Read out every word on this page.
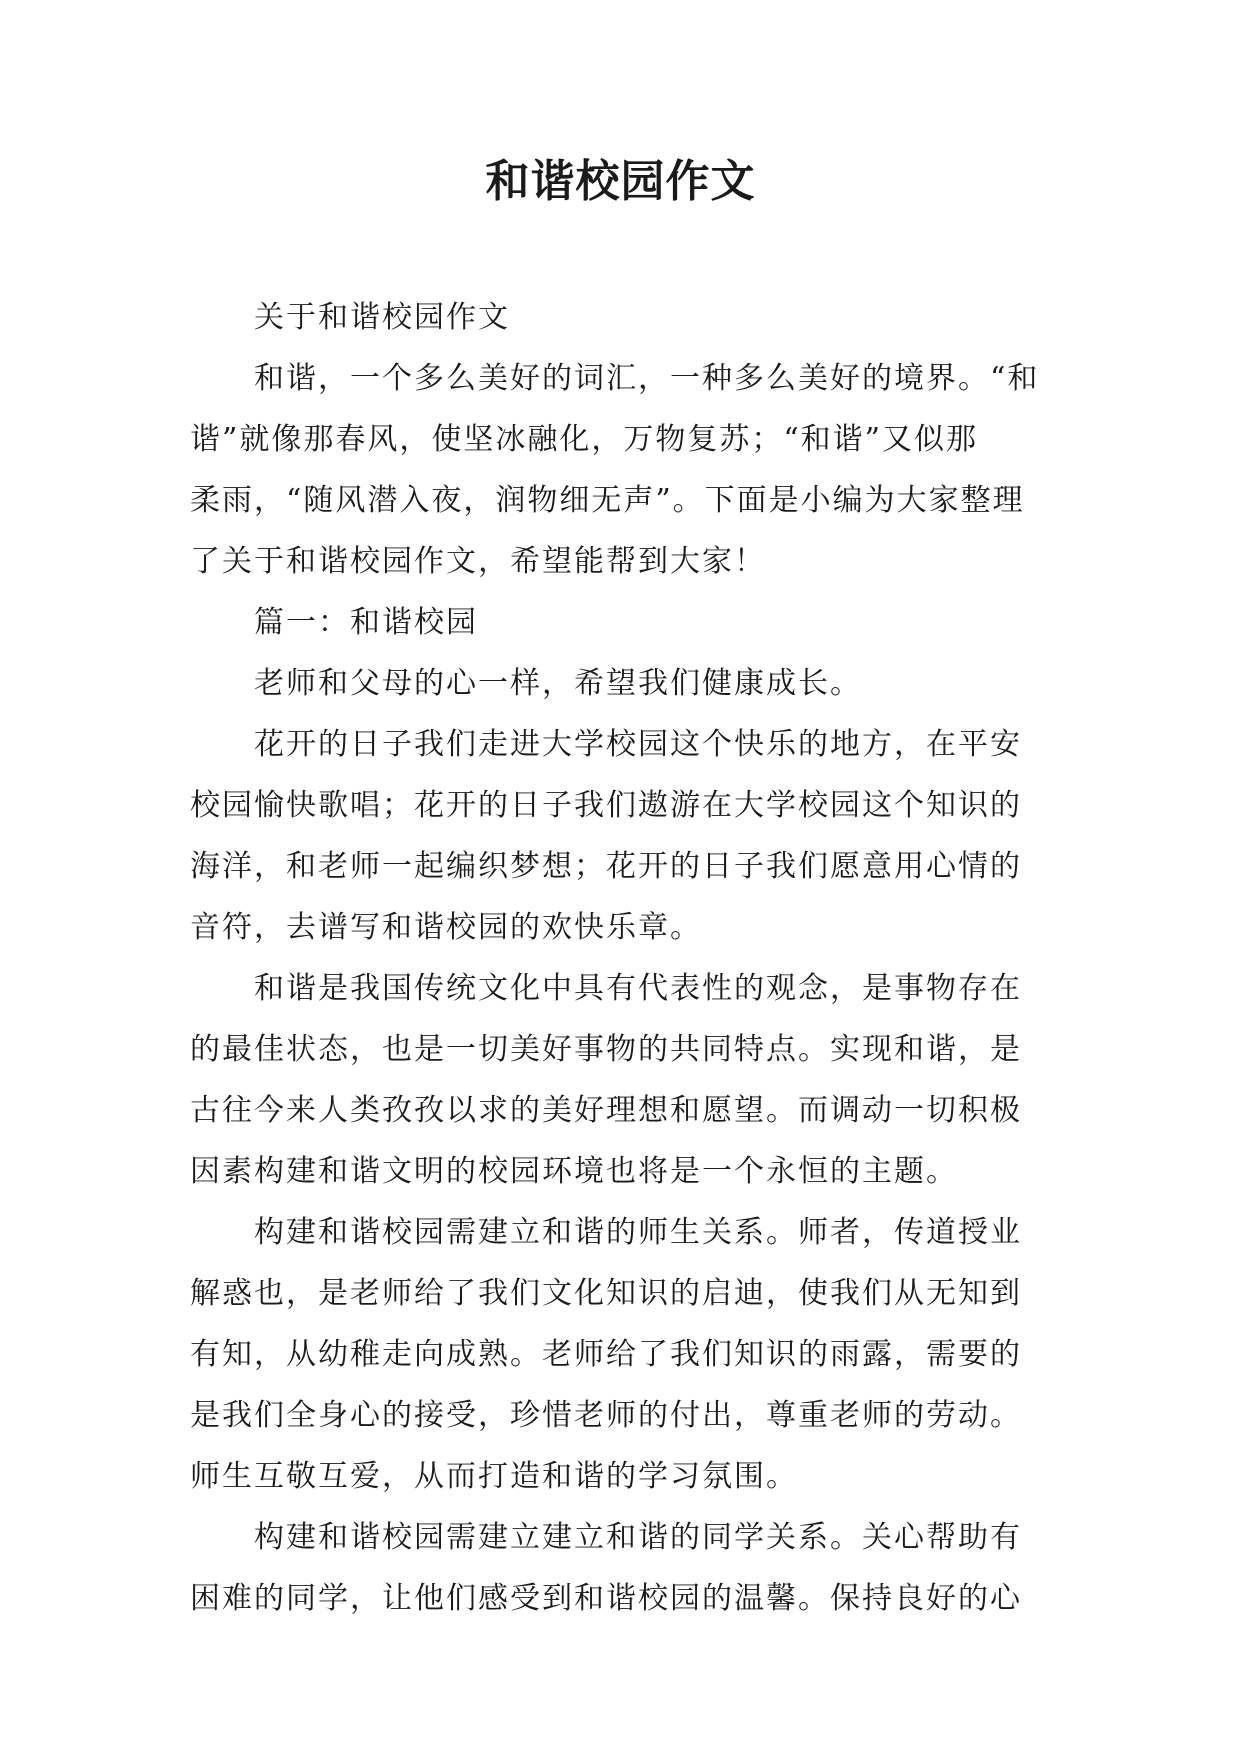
和谐校园作文
关于和谐校园作文
和谐，一个多么美好的词汇，一种多么美好的境界。“和
谐”就像那春风，使坚冰融化，万物复苏；“和谐”又似那
柔雨，“随风潜入夜，润物细无声”。下面是小编为大家整理
了关于和谐校园作文，希望能帮到大家！
篇一：和谐校园
老师和父母的心一样，希望我们健康成长。
花开的日子我们走进大学校园这个快乐的地方，在平安
校园愉快歌唱；花开的日子我们遨游在大学校园这个知识的
海洋，和老师一起编织梦想；花开的日子我们愿意用心情的
音符，去谱写和谐校园的欢快乐章。
和谐是我国传统文化中具有代表性的观念，是事物存在
的最佳状态，也是一切美好事物的共同特点。实现和谐，是
古往今来人类孜孜以求的美好理想和愿望。而调动一切积极
因素构建和谐文明的校园环境也将是一个永恒的主题。
构建和谐校园需建立和谐的师生关系。师者，传道授业
解惑也，是老师给了我们文化知识的启迪，使我们从无知到
有知，从幼稚走向成熟。老师给了我们知识的雨露，需要的
是我们全身心的接受，珍惜老师的付出，尊重老师的劳动。
师生互敬互爱，从而打造和谐的学习氛围。
构建和谐校园需建立建立和谐的同学关系。关心帮助有
困难的同学，让他们感受到和谐校园的温馨。保持良好的心
